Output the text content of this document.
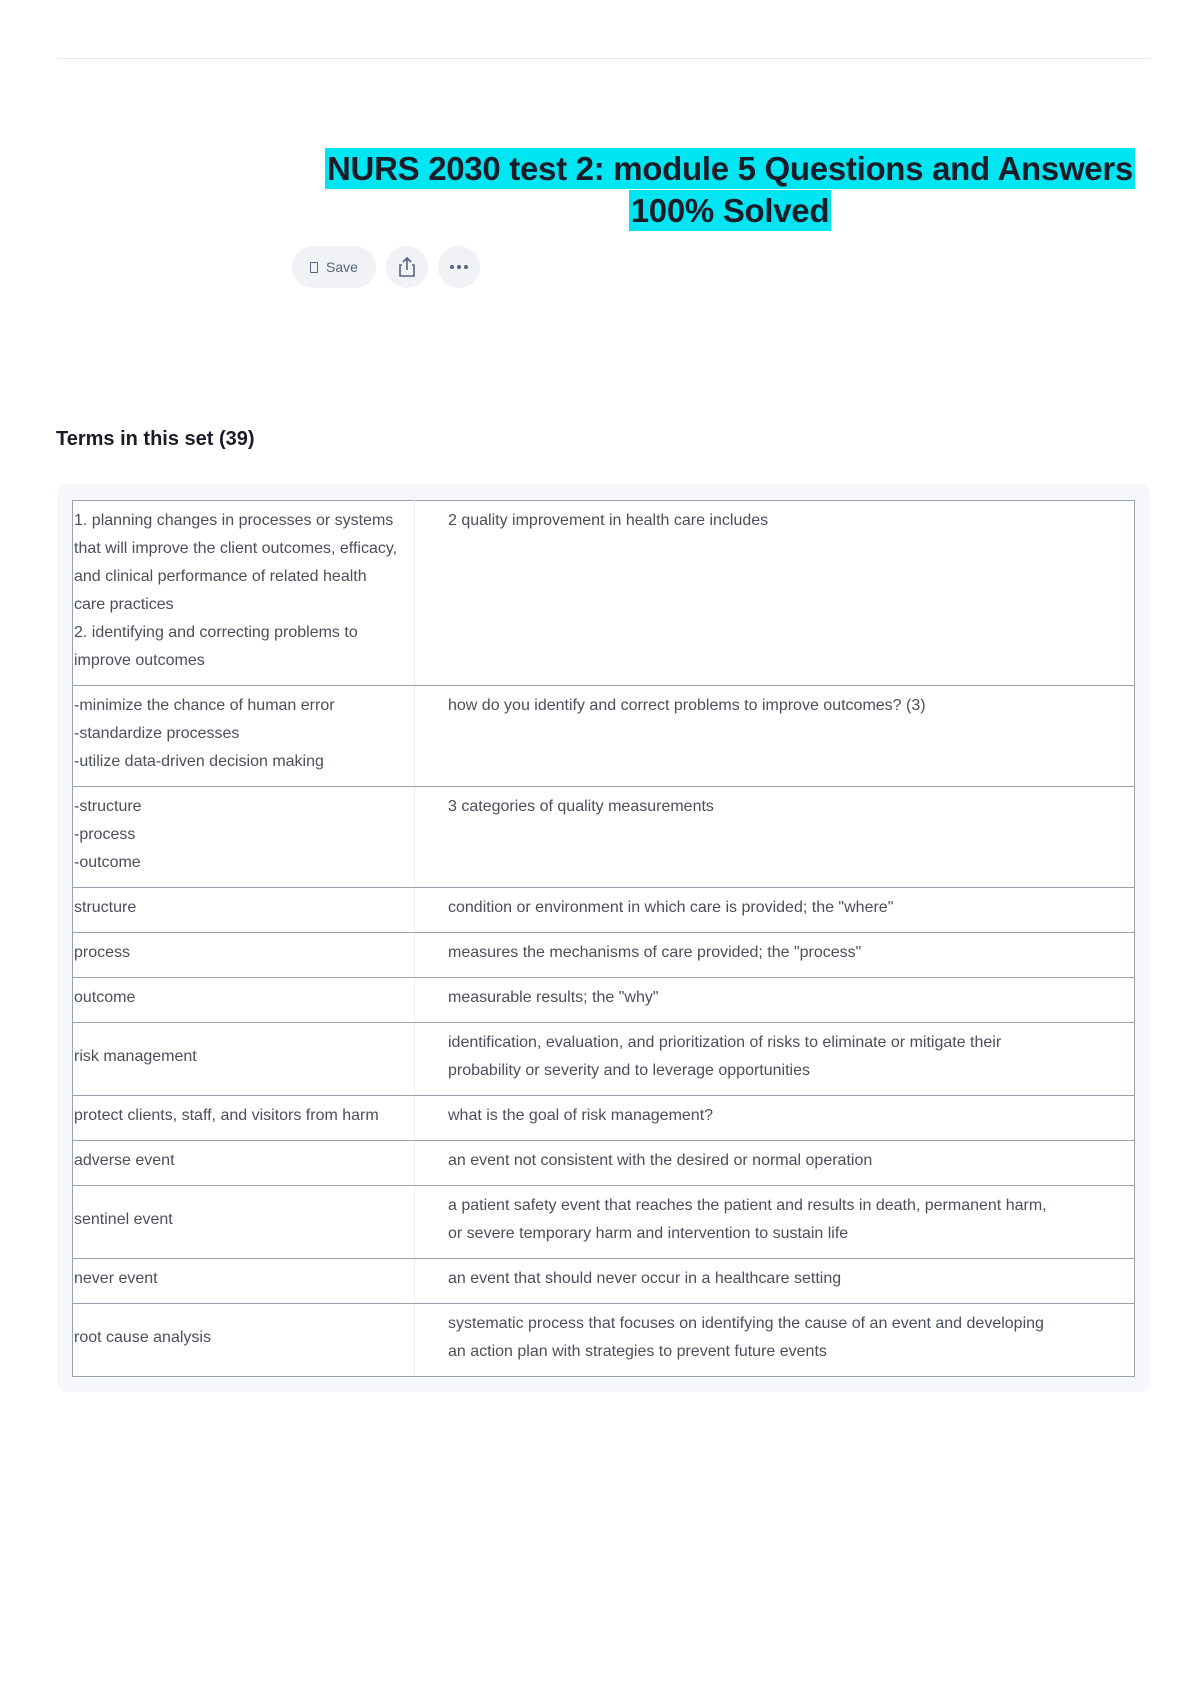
NURS 2030 test 2: module 5 Questions and Answers 100% Solved
Save
Terms in this set (39)
1. planning changes in processes or systems that will improve the client outcomes, efficacy, and clinical performance of related health care practices
2. identifying and correcting problems to improve outcomes	2 quality improvement in health care includes
-minimize the chance of human error
-standardize processes
-utilize data-driven decision making	how do you identify and correct problems to improve outcomes? (3)
-structure
-process
-outcome	3 categories of quality measurements
structure	condition or environment in which care is provided; the "where"
process	measures the mechanisms of care provided; the "process"
outcome	measurable results; the "why"
risk management	identification, evaluation, and prioritization of risks to eliminate or mitigate their probability or severity and to leverage opportunities
protect clients, staff, and visitors from harm	what is the goal of risk management?
adverse event	an event not consistent with the desired or normal operation
sentinel event	a patient safety event that reaches the patient and results in death, permanent harm, or severe temporary harm and intervention to sustain life
never event	an event that should never occur in a healthcare setting
root cause analysis	systematic process that focuses on identifying the cause of an event and developing an action plan with strategies to prevent future events
